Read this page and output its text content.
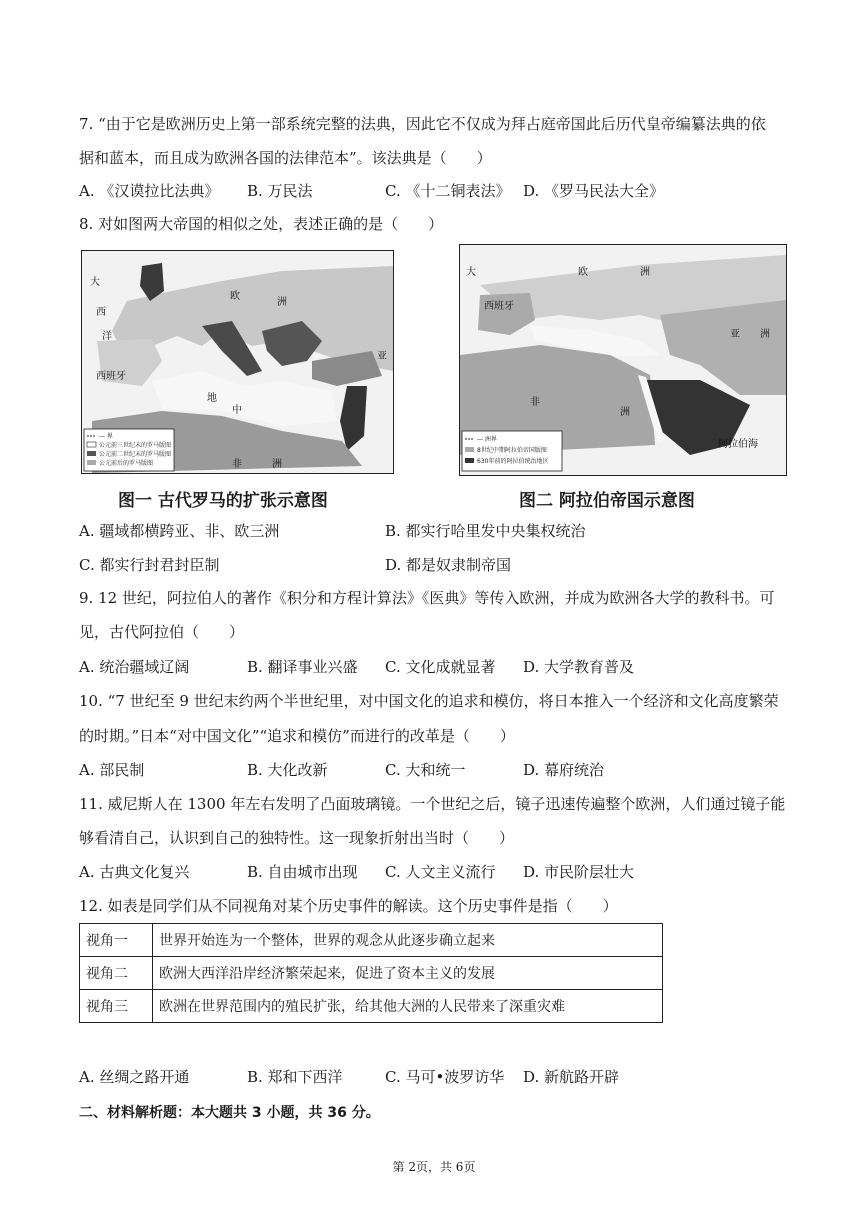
7. “由于它是欧洲历史上第一部系统完整的法典，因此它不仅成为拜占庭帝国此后历代皇帝编纂法典的依
据和蓝本，而且成为欧洲各国的法律范本”。该法典是（　　）
A. 《汉谟拉比法典》 B. 万民法	C. 《十二铜表法》 D. 《罗马民法大全》
8. 对如图两大帝国的相似之处，表述正确的是（　　）
大
西
洋
欧
洲
亚
西班牙
地
中
非	洲
— 界
公元前三世纪末的罗马版图
公元前二世纪末的罗马版图
公元前后的罗马版图
图一 古代罗马的扩张示意图
大	欧	洲
西班牙
亚 洲
非
洲
阿拉伯海
— 洲界
8世纪中期阿拉伯帝国版图
630年前的阿拉伯统治地区
图二 阿拉伯帝国示意图
A. 疆域都横跨亚、非、欧三洲	B. 都实行哈里发中央集权统治
C. 都实行封君封臣制	D. 都是奴隶制帝国
9. 12 世纪，阿拉伯人的著作《积分和方程计算法》《医典》等传入欧洲，并成为欧洲各大学的教科书。可
见，古代阿拉伯（　　）
A. 统治疆域辽阔	B. 翻译事业兴盛 C. 文化成就显著 D. 大学教育普及
10. “7 世纪至 9 世纪末约两个半世纪里，对中国文化的追求和模仿，将日本推入一个经济和文化高度繁荣
的时期。”日本“对中国文化”“追求和模仿”而进行的改革是（　　）
A. 部民制	B. 大化改新	C. 大和统一	D. 幕府统治
11. 威尼斯人在 1300 年左右发明了凸面玻璃镜。一个世纪之后，镜子迅速传遍整个欧洲，人们通过镜子能
够看清自己，认识到自己的独特性。这一现象折射出当时（　　）
A. 古典文化复兴	B. 自由城市出现 C. 人文主义流行 D. 市民阶层壮大
12. 如表是同学们从不同视角对某个历史事件的解读。这个历史事件是指（　　）
视角一	世界开始连为一个整体，世界的观念从此逐步确立起来
视角二	欧洲大西洋沿岸经济繁荣起来，促进了资本主义的发展
视角三	欧洲在世界范围内的殖民扩张，给其他大洲的人民带来了深重灾难
A. 丝绸之路开通	B. 郑和下西洋	C. 马可•波罗访华 D. 新航路开辟
二、材料解析题：本大题共 3 小题，共 36 分。
第 2页，共 6页
